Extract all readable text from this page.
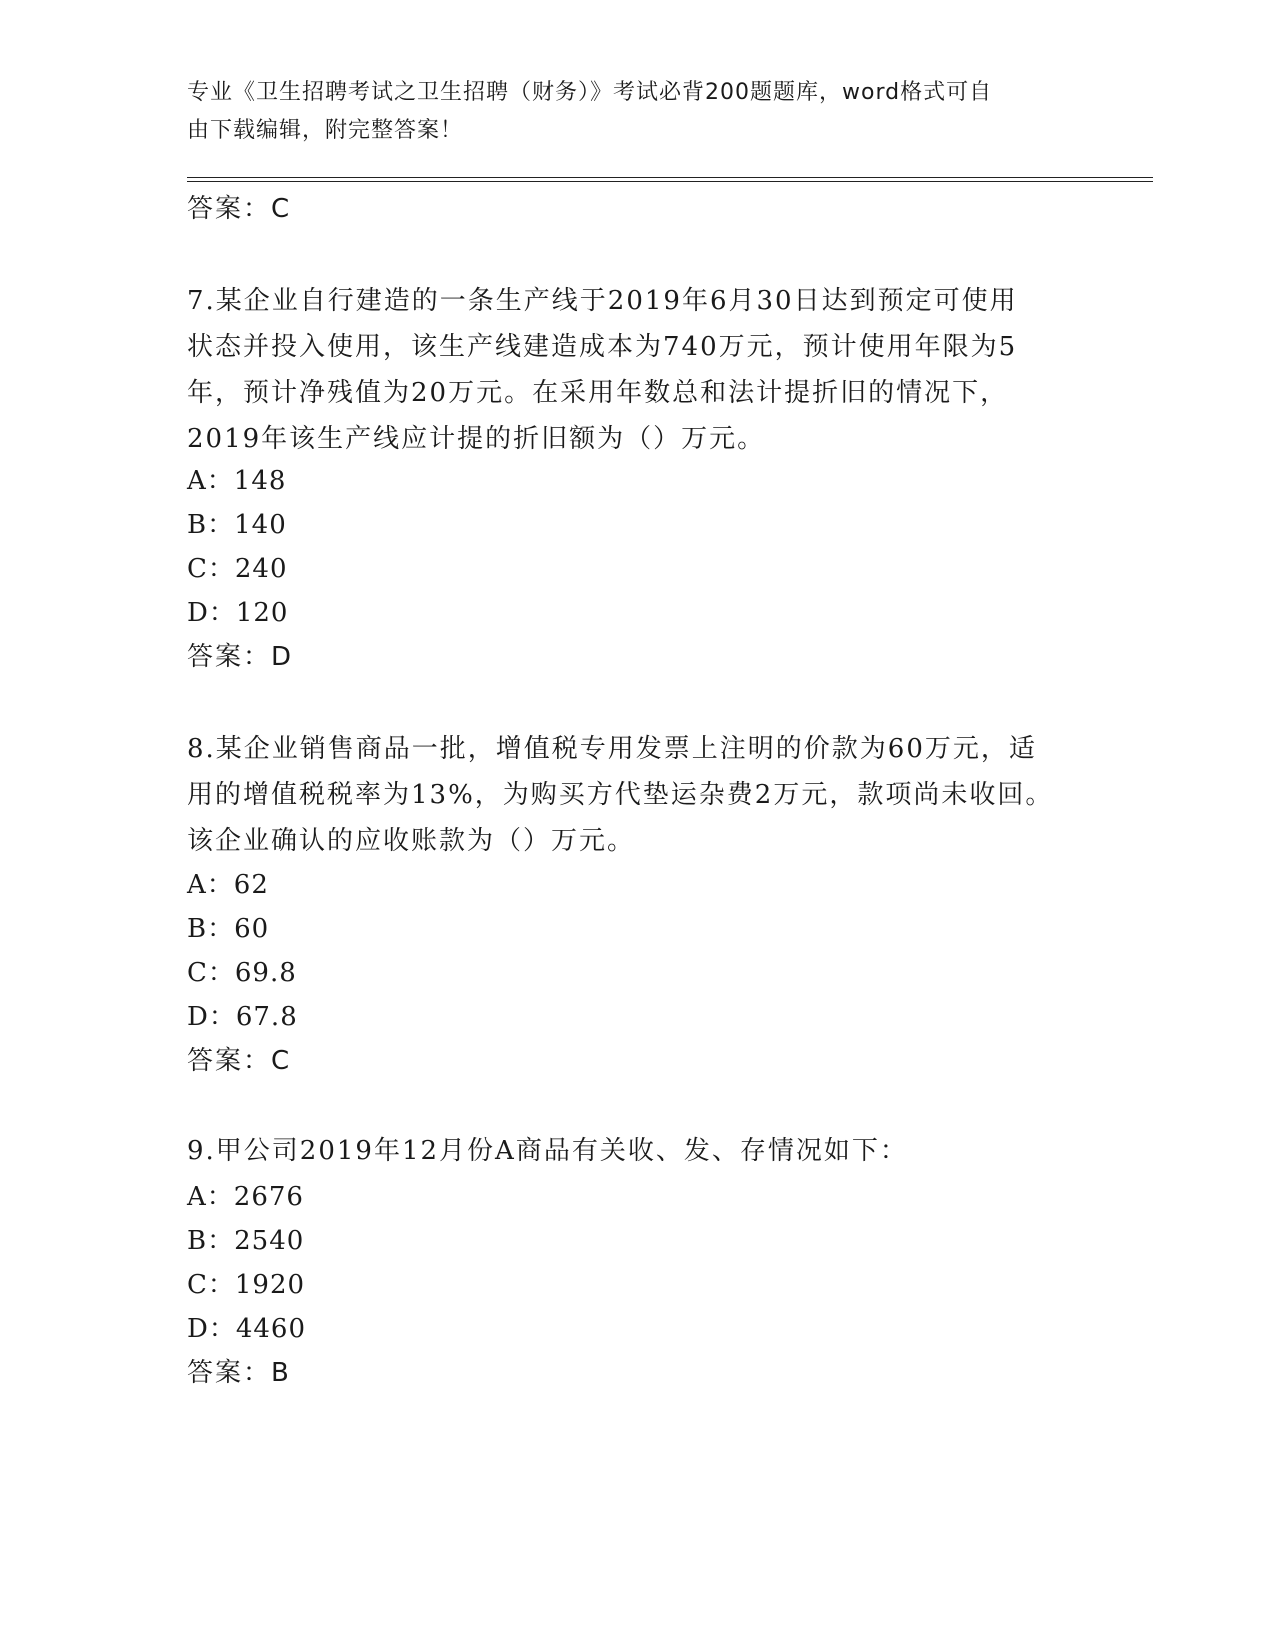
专业《卫生招聘考试之卫生招聘（财务）》考试必背200题题库，word格式可自
由下载编辑，附完整答案！
答案：C
7.某企业自行建造的一条生产线于2019年6月30日达到预定可使用
状态并投入使用，该生产线建造成本为740万元，预计使用年限为5
年，预计净残值为20万元。在采用年数总和法计提折旧的情况下，
2019年该生产线应计提的折旧额为（）万元。
A：148
B：140
C：240
D：120
答案：D
8.某企业销售商品一批，增值税专用发票上注明的价款为60万元，适
用的增值税税率为13%，为购买方代垫运杂费2万元，款项尚未收回。
该企业确认的应收账款为（）万元。
A：62
B：60
C：69.8
D：67.8
答案：C
9.甲公司2019年12月份A商品有关收、发、存情况如下：
A：2676
B：2540
C：1920
D：4460
答案：B
